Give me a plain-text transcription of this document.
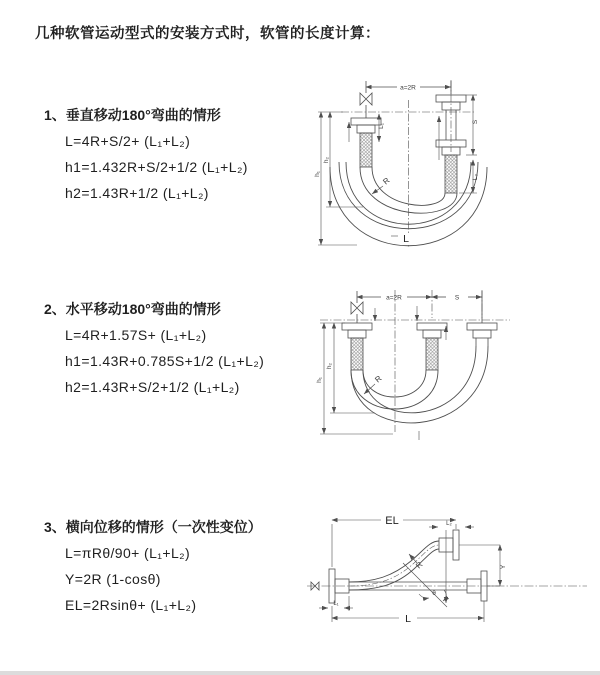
几种软管运动型式的安装方式时，软管的长度计算：

1、垂直移动180°弯曲的情形

L=4R+S/2+ (L₁+L₂)

h1=1.432R+S/2+1/2 (L₁+L₂)

h2=1.43R+1/2 (L₁+L₂)

2、水平移动180°弯曲的情形

L=4R+1.57S+ (L₁+L₂)

h1=1.43R+0.785S+1/2 (L₁+L₂)

h2=1.43R+S/2+1/2 (L₁+L₂)

3、横向位移的情形（一次性变位）

L=πRθ/90+ (L₁+L₂)

Y=2R (1-cosθ)

EL=2Rsinθ+ (L₁+L₂)

a=2R
L₁
S
L₂
h₁
h₂
R
L
a=2R	S
h₁
h₂
R
EL	L₂
Y
R
θ
L
L₁
